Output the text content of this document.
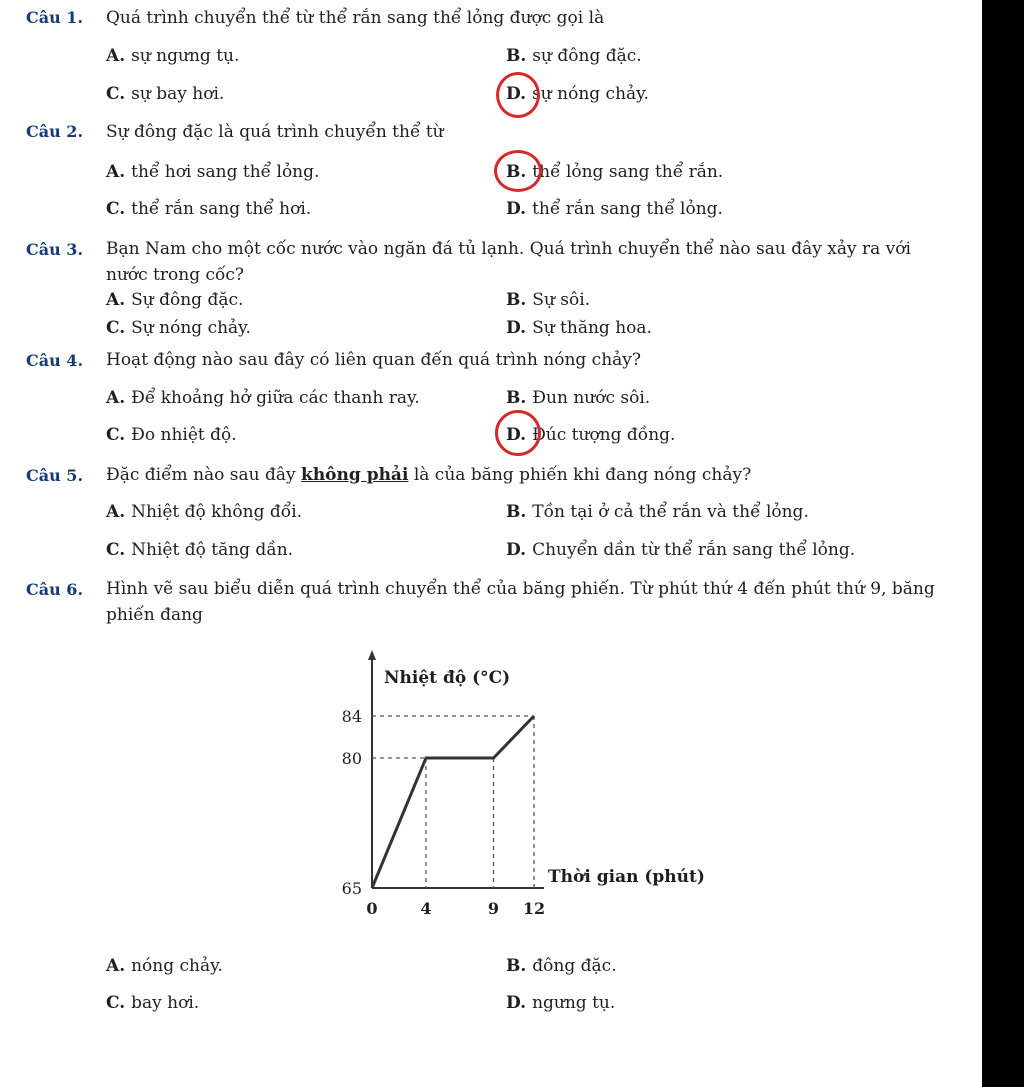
Câu 1. Quá trình chuyển thể từ thể rắn sang thể lỏng được gọi là
A. sự ngưng tụ.	B. sự đông đặc.
C. sự bay hơi.	D. sự nóng chảy.
Câu 2. Sự đông đặc là quá trình chuyển thể từ
A. thể hơi sang thể lỏng.	B. thể lỏng sang thể rắn.
C. thể rắn sang thể hơi.	D. thể rắn sang thể lỏng.
Câu 3. Bạn Nam cho một cốc nước vào ngăn đá tủ lạnh. Quá trình chuyển thể nào sau đây xảy ra với nước trong cốc?
A. Sự đông đặc.	B. Sự sôi.
C. Sự nóng chảy.	D. Sự thăng hoa.
Câu 4. Hoạt động nào sau đây có liên quan đến quá trình nóng chảy?
A. Để khoảng hở giữa các thanh ray.	B. Đun nước sôi.
C. Đo nhiệt độ.	D. Đúc tượng đồng.
Câu 5. Đặc điểm nào sau đây không phải là của băng phiến khi đang nóng chảy?
A. Nhiệt độ không đổi.	B. Tồn tại ở cả thể rắn và thể lỏng.
C. Nhiệt độ tăng dần.	D. Chuyển dần từ thể rắn sang thể lỏng.
Câu 6. Hình vẽ sau biểu diễn quá trình chuyển thể của băng phiến. Từ phút thứ 4 đến phút thứ 9, băng phiến đang
65
80
84
0	4	9 12
Nhiệt độ (°C)
Thời gian (phút)
A. nóng chảy.	B. đông đặc.
C. bay hơi.	D. ngưng tụ.
